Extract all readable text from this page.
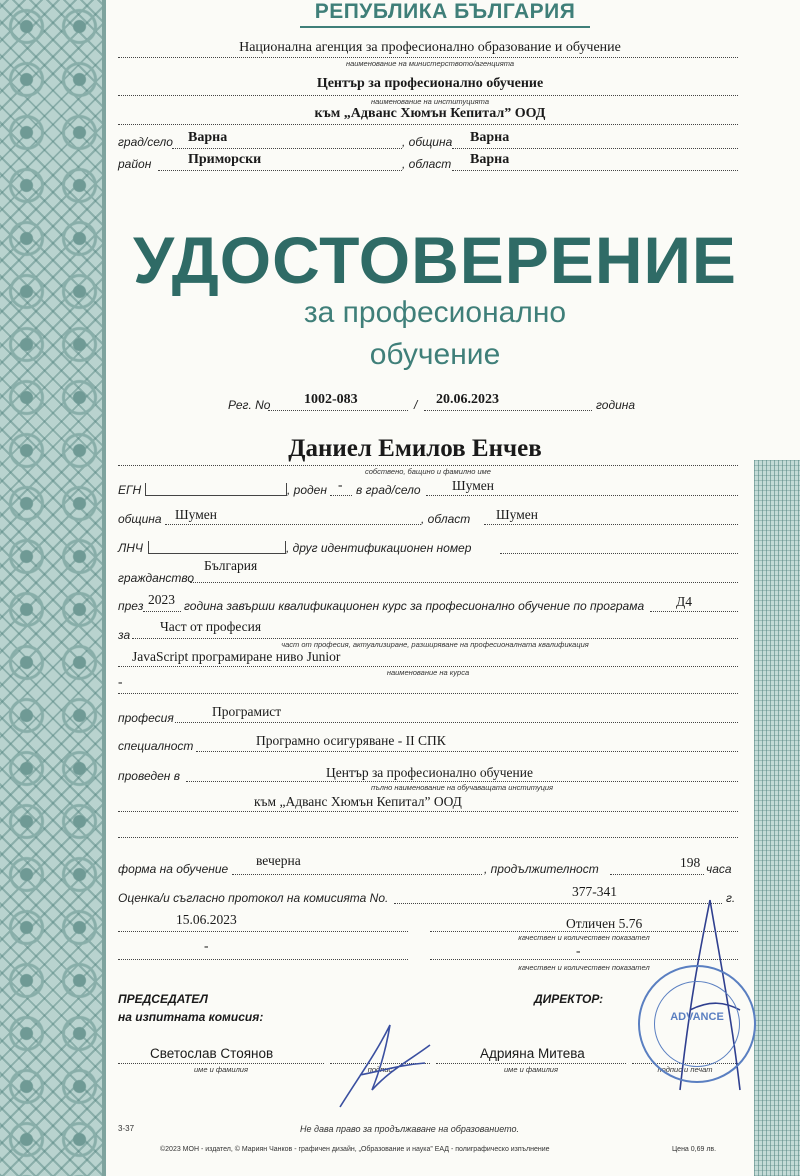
РЕПУБЛИКА БЪЛГАРИЯ
Национална агенция за професионално образование и обучение
наименование на министерството/агенцията
Център за професионално обучение
наименование на институцията
към „Адванс Хюмън Кепитал” ООД
град/село Варна	, община Варна
район	Приморски	, област Варна
УДОСТОВЕРЕНИЕ
за професионално
обучение
Рег. No 1002-083	/ 20.06.2023	година
Даниел Емилов Енчев
собствено, бащино и фамилно име
ЕГН	, роден - в град/село Шумен
община Шумен	, област Шумен
ЛНЧ	, друг идентификационен номер
гражданство
България
през 2023 година завърши квалификационен курс за професионално обучение по програма Д4
за
Част от професия
част от професия, актуализиране, разширяване на професионалната квалификация
JavaScript програмиране ниво Junior
наименование на курса
-
професия	Програмист
специалност	Програмно осигуряване - II СПК
проведен в	Център за професионално обучение
пълно наименование на обучаващата институция
към „Адванс Хюмън Кепитал” ООД
форма на обучение
вечерна
, продължителност	198 часа
Оценка/и съгласно протокол на комисията No.	377-341	г.
15.06.2023	Отличен 5.76
качествен и количествен показател
-	-
качествен и количествен показател
ПРЕДСЕДАТЕЛ
на изпитната комисия:
ДИРЕКТОР:
Светослав Стоянов
име и фамилия	подпис
Адрияна Митева
име и фамилия	подпис и печат
ADVANCE
3-37	Не дава право за продължаване на образованието.
©2023 МОН - издател, © Мариян Чанков - графичен дизайн, „Образование и наука” ЕАД - полиграфическо изпълнение	Цена 0,69 лв.
